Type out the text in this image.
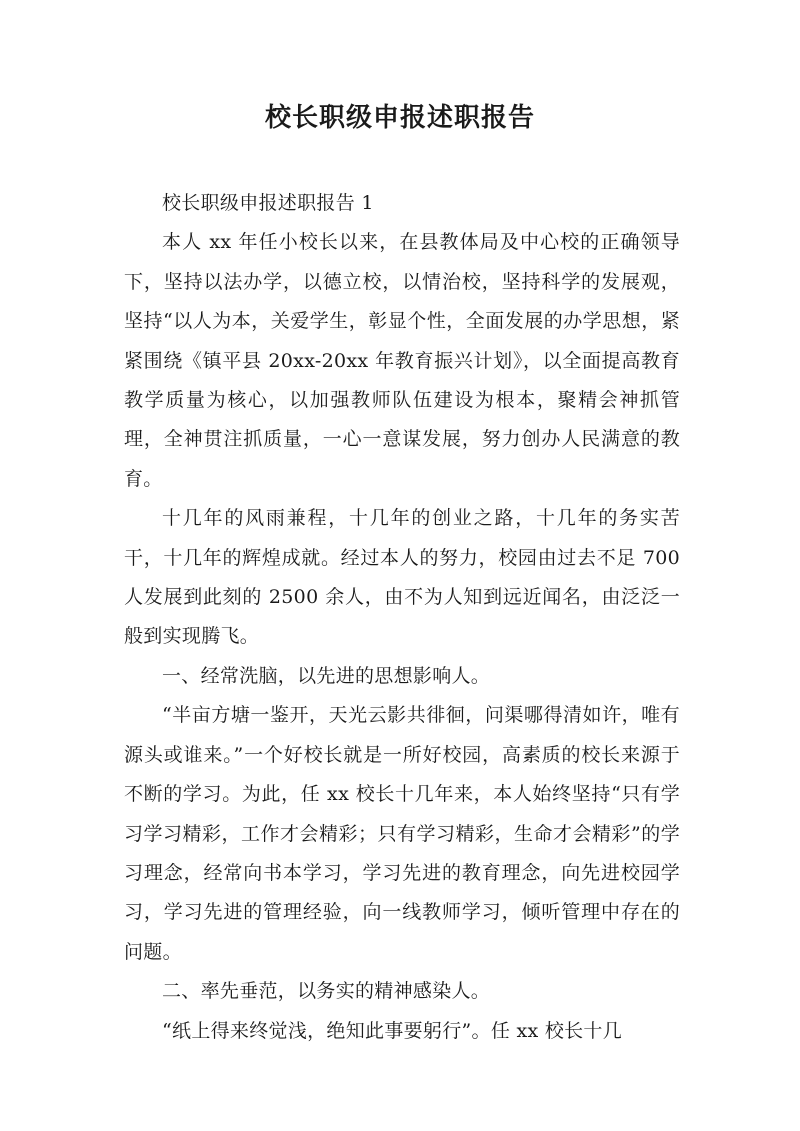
校长职级申报述职报告

校长职级申报述职报告 1

本人 xx 年任小校长以来，在县教体局及中心校的正确领导下，坚持以法办学，以德立校，以情治校，坚持科学的发展观，坚持“以人为本，关爱学生，彰显个性，全面发展的办学思想，紧紧围绕《镇平县 20xx-20xx 年教育振兴计划》，以全面提高教育教学质量为核心，以加强教师队伍建设为根本，聚精会神抓管理，全神贯注抓质量，一心一意谋发展，努力创办人民满意的教育。

十几年的风雨兼程，十几年的创业之路，十几年的务实苦干，十几年的辉煌成就。经过本人的努力，校园由过去不足 700 人发展到此刻的 2500 余人，由不为人知到远近闻名，由泛泛一般到实现腾飞。

一、经常洗脑，以先进的思想影响人。

“半亩方塘一鉴开，天光云影共徘徊，问渠哪得清如许，唯有源头或谁来。”一个好校长就是一所好校园，高素质的校长来源于不断的学习。为此，任 xx 校长十几年来，本人始终坚持“只有学习学习精彩，工作才会精彩；只有学习精彩，生命才会精彩”的学习理念，经常向书本学习，学习先进的教育理念，向先进校园学习，学习先进的管理经验，向一线教师学习，倾听管理中存在的问题。

二、率先垂范，以务实的精神感染人。

“纸上得来终觉浅，绝知此事要躬行”。任 xx 校长十几
